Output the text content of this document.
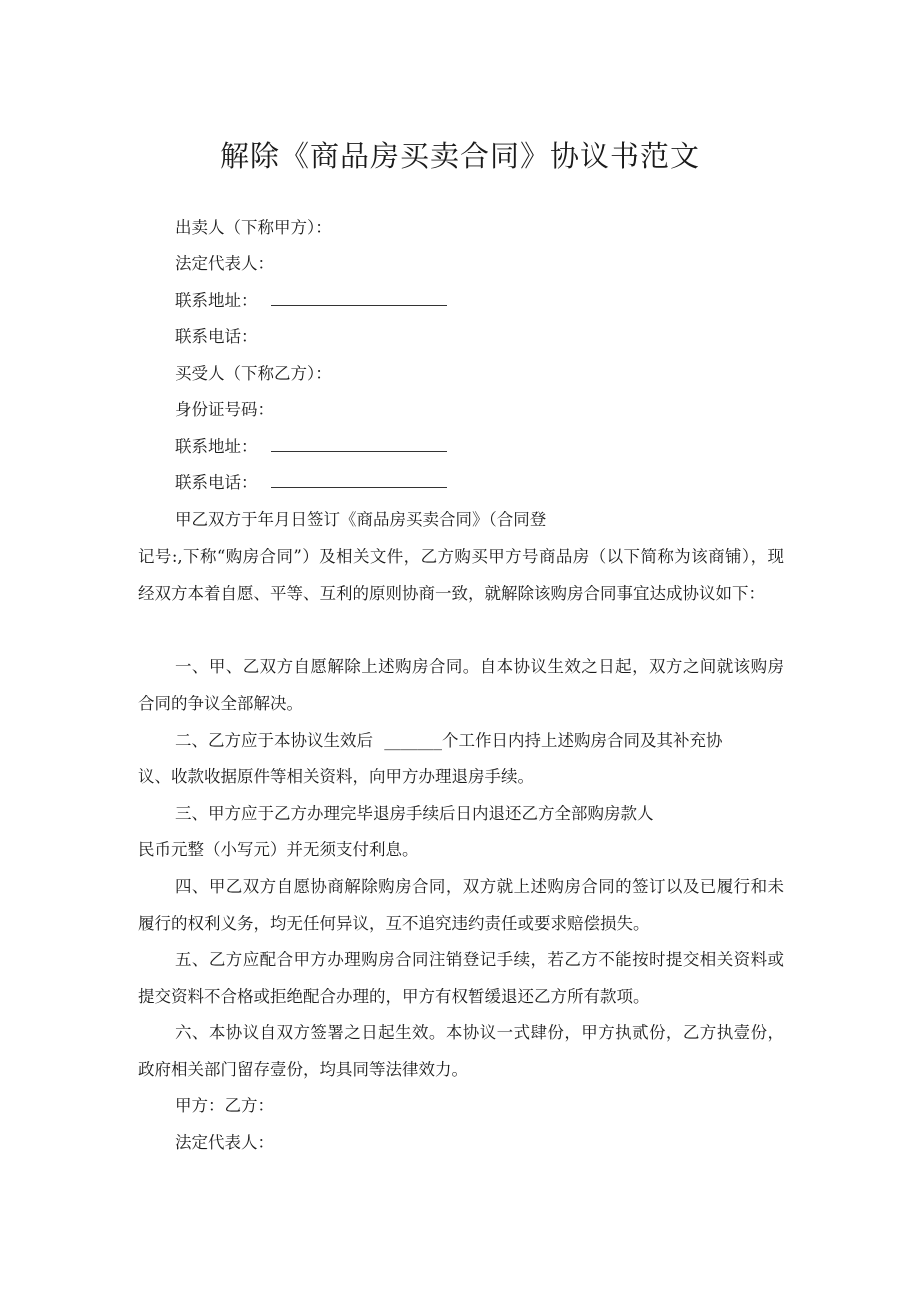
解除《商品房买卖合同》协议书范文
出卖人（下称甲方）：
法定代表人：
联系地址：
联系电话：
买受人（下称乙方）：
身份证号码：
联系地址：
联系电话：
甲乙双方于年月日签订《商品房买卖合同》（合同登
记号:,下称“购房合同”）及相关文件，乙方购买甲方号商品房（以下简称为该商铺），现经双方本着自愿、平等、互利的原则协商一致，就解除该购房合同事宜达成协议如下：
一、甲、乙双方自愿解除上述购房合同。自本协议生效之日起，双方之间就该购房合同的争议全部解决。
二、乙方应于本协议生效后 _______个工作日内持上述购房合同及其补充协
议、收款收据原件等相关资料，向甲方办理退房手续。
三、甲方应于乙方办理完毕退房手续后日内退还乙方全部购房款人
民币元整（小写元）并无须支付利息。
四、甲乙双方自愿协商解除购房合同，双方就上述购房合同的签订以及已履行和未履行的权利义务，均无任何异议，互不追究违约责任或要求赔偿损失。
五、乙方应配合甲方办理购房合同注销登记手续，若乙方不能按时提交相关资料或提交资料不合格或拒绝配合办理的，甲方有权暂缓退还乙方所有款项。
六、本协议自双方签署之日起生效。本协议一式肆份，甲方执贰份，乙方执壹份，政府相关部门留存壹份，均具同等法律效力。
甲方：乙方：
法定代表人：
